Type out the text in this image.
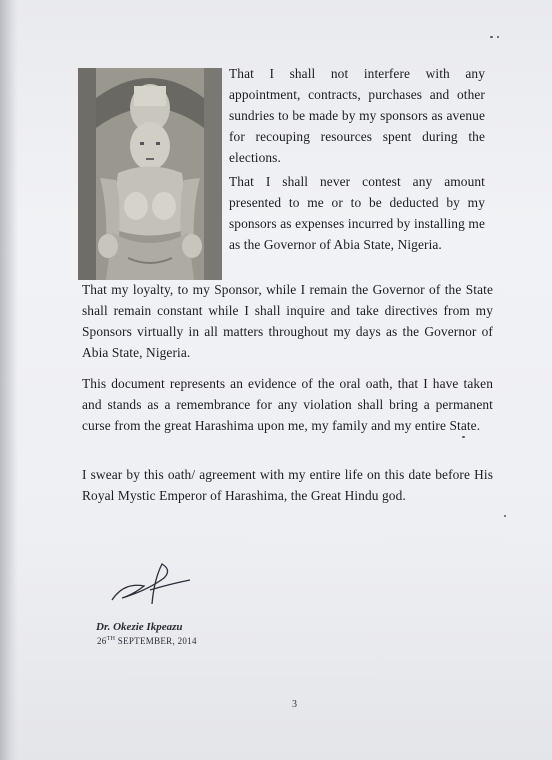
That I shall not interfere with any appointment, contracts, purchases and other sundries to be made by my sponsors as avenue for recouping resources spent during the elections.

That I shall never contest any amount presented to me or to be deducted by my sponsors as expenses incurred by installing me as the Governor of Abia State, Nigeria.

That my loyalty, to my Sponsor, while I remain the Governor of the State shall remain constant while I shall inquire and take directives from my Sponsors virtually in all matters throughout my days as the Governor of Abia State, Nigeria.

This document represents an evidence of the oral oath, that I have taken and stands as a remembrance for any violation shall bring a permanent curse from the great Harashima upon me, my family and my entire State.

I swear by this oath/ agreement with my entire life on this date before His Royal Mystic Emperor of Harashima, the Great Hindu god.

Dr. Okezie Ikpeazu
26TH SEPTEMBER, 2014
3
